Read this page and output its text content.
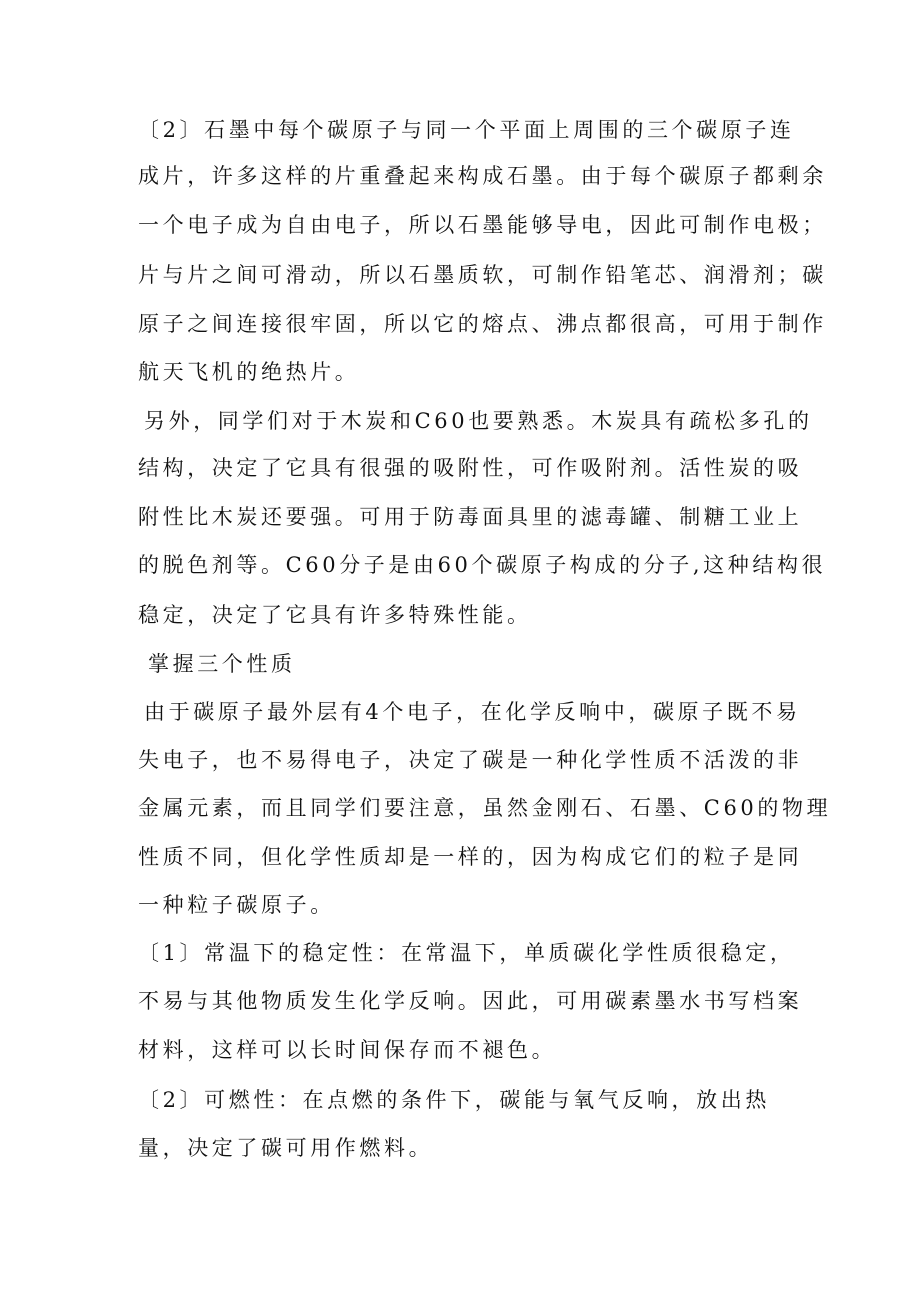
〔2〕石墨中每个碳原子与同一个平面上周围的三个碳原子连
成片，许多这样的片重叠起来构成石墨。由于每个碳原子都剩余
一个电子成为自由电子，所以石墨能够导电，因此可制作电极；
片与片之间可滑动，所以石墨质软，可制作铅笔芯、润滑剂；碳
原子之间连接很牢固，所以它的熔点、沸点都很高，可用于制作
航天飞机的绝热片。
另外，同学们对于木炭和C60也要熟悉。木炭具有疏松多孔的
结构，决定了它具有很强的吸附性，可作吸附剂。活性炭的吸
附性比木炭还要强。可用于防毒面具里的滤毒罐、制糖工业上
的脱色剂等。C60分子是由60个碳原子构成的分子,这种结构很
稳定，决定了它具有许多特殊性能。
掌握三个性质
由于碳原子最外层有4个电子，在化学反响中，碳原子既不易
失电子，也不易得电子，决定了碳是一种化学性质不活泼的非
金属元素，而且同学们要注意，虽然金刚石、石墨、C60的物理
性质不同，但化学性质却是一样的，因为构成它们的粒子是同
一种粒子碳原子。
〔1〕常温下的稳定性：在常温下，单质碳化学性质很稳定，
不易与其他物质发生化学反响。因此，可用碳素墨水书写档案
材料，这样可以长时间保存而不褪色。
〔2〕可燃性：在点燃的条件下，碳能与氧气反响，放出热
量，决定了碳可用作燃料。
